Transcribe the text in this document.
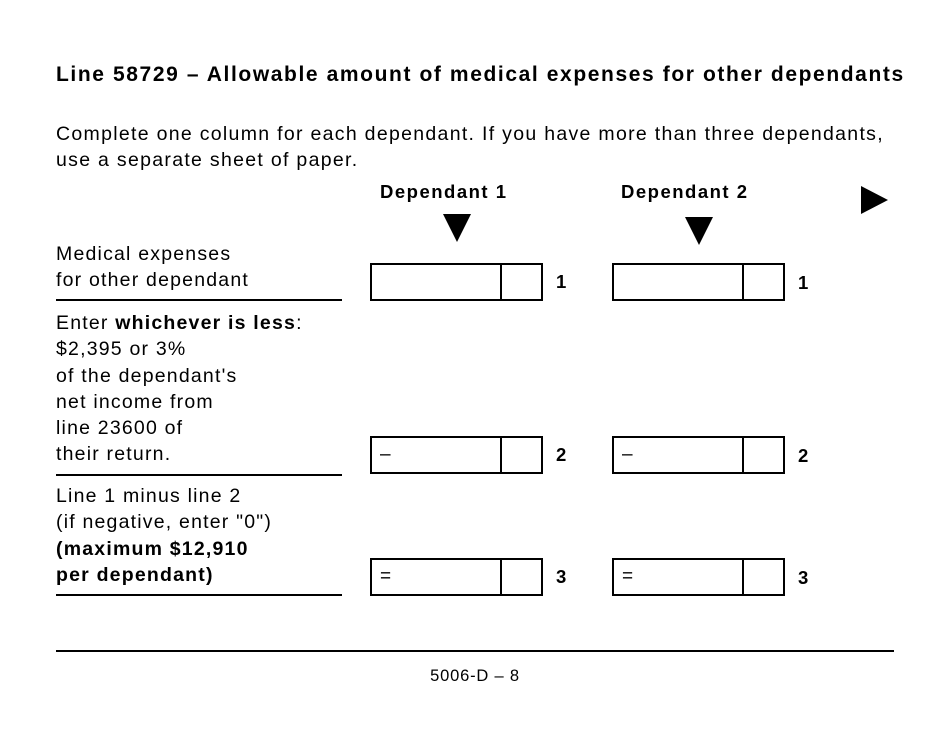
Line 58729 – Allowable amount of medical expenses for other dependants
Complete one column for each dependant. If you have more than three dependants, use a separate sheet of paper.
Dependant 1	Dependant 2
Medical expenses
for other dependant	1	1
Enter whichever is less:
$2,395 or 3%
of the dependant's
net income from
line 23600 of
their return.	–	2	–	2
Line 1 minus line 2
(if negative, enter "0")
(maximum $12,910
per dependant)	=	3	=	3
5006-D – 8
